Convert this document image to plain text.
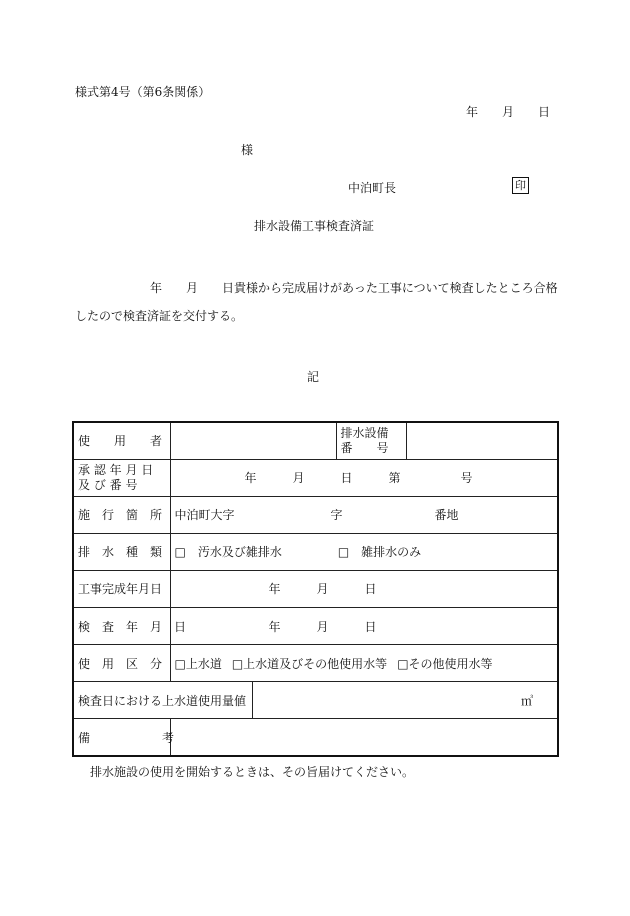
様式第4号（第6条関係）
年　　月　　日
様
中泊町長	印
排水設備工事検査済証
年　　月　　日貴様から完成届けがあった工事について検査したところ合格
したので検査済証を交付する。
記
使　　用　　者			排水設備
番　　号	

承 認 年 月 日
及 び 番 号	年　　　月　　　日　　　第　　　　　号			
施　行　箇　所	中泊町大字 字 番地			
排　水　種　類	□　汚水及び雑排水 □　雑排水のみ			
工事完成年月日	年　　　月　　　日			
検　査　年　月　日	年　　　月　　　日			
使　用　区　分	□上水道 □上水道及びその他使用水等 □その他使用水等			
検査日における上水道使用量値		㎥		
備　　　　　　考				
排水施設の使用を開始するときは、その旨届けてください。
